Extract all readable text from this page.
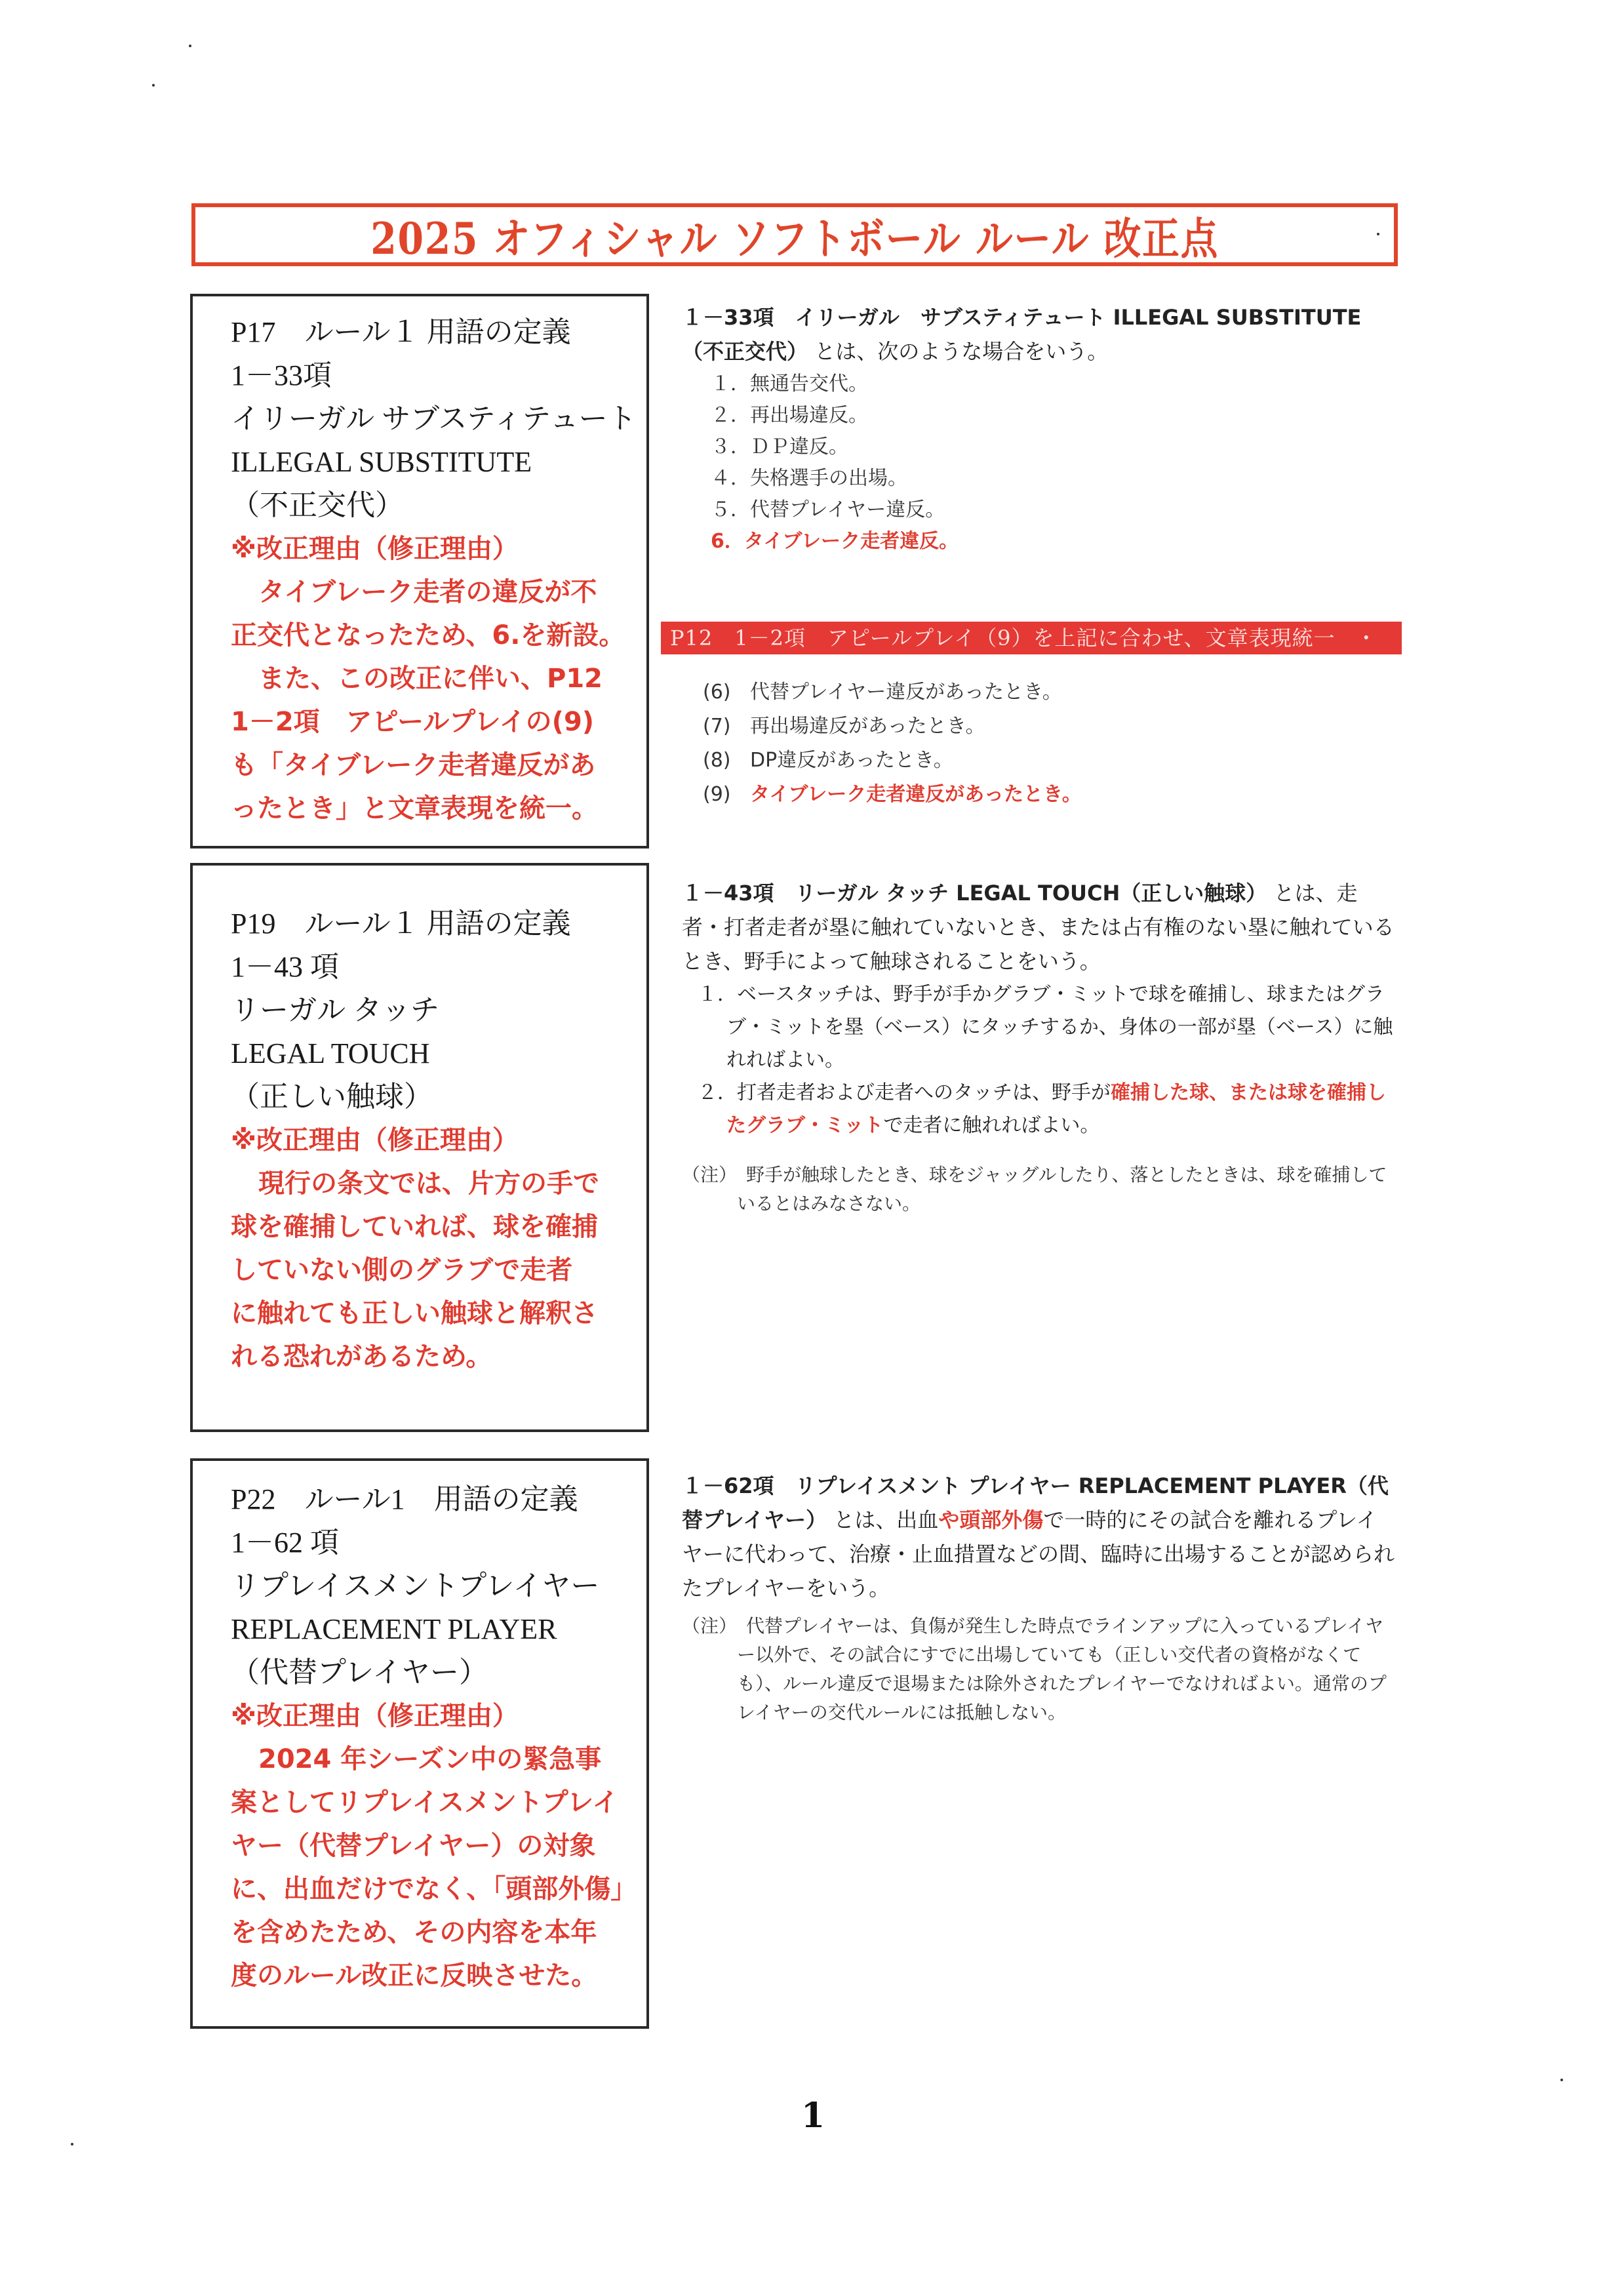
2025 オフィシャル ソフトボール ルール 改正点
P17　ルール１ 用語の定義
1－33項
イリーガル サブスティテュート
ILLEGAL SUBSTITUTE
（不正交代）
※改正理由（修正理由）
タイブレーク走者の違反が不
正交代となったため、6.を新設。
また、この改正に伴い、P12
1－2項　アピールプレイの(9)
も「タイブレーク走者違反があ
ったとき」と文章表現を統一。

１－33項　イリーガル　サブスティテュート ILLEGAL SUBSTITUTE（不正交代） とは、次のような場合をいう。

１．無通告交代。
２．再出場違反。
３．ＤＰ違反。
４．失格選手の出場。
５．代替プレイヤー違反。
6．タイブレーク走者違反。
P12　1－2項　アピールプレイ（9）を上記に合わせ、文章表現統一 ・
(6) 代替プレイヤー違反があったとき。
(7) 再出場違反があったとき。
(8) DP違反があったとき。
(9) タイブレーク走者違反があったとき。
P19　ルール１ 用語の定義
1－43 項
リーガル タッチ
LEGAL TOUCH
（正しい触球）
※改正理由（修正理由）
現行の条文では、片方の手で
球を確捕していれば、球を確捕
していない側のグラブで走者
に触れても正しい触球と解釈さ
れる恐れがあるため。

１－43項　リーガル タッチ LEGAL TOUCH（正しい触球） とは、走者・打者走者が塁に触れていないとき、または占有権のない塁に触れているとき、野手によって触球されることをいう。

１．ベースタッチは、野手が手かグラブ・ミットで球を確捕し、球またはグラブ・ミットを塁（ベース）にタッチするか、身体の一部が塁（ベース）に触れればよい。

２．打者走者および走者へのタッチは、野手が確捕した球、または球を確捕したグラブ・ミットで走者に触れればよい。

（注）　野手が触球したとき、球をジャッグルしたり、落としたときは、球を確捕しているとはみなさない。

P22　ルール1　用語の定義
1－62 項
リプレイスメントプレイヤー
REPLACEMENT PLAYER
（代替プレイヤー）
※改正理由（修正理由）
2024 年シーズン中の緊急事
案としてリプレイスメントプレイ
ヤー（代替プレイヤー）の対象
に、出血だけでなく、「頭部外傷」
を含めたため、その内容を本年
度のルール改正に反映させた。

１－62項　リプレイスメント プレイヤー REPLACEMENT PLAYER（代替プレイヤー） とは、出血や頭部外傷で一時的にその試合を離れるプレイヤーに代わって、治療・止血措置などの間、臨時に出場することが認められたプレイヤーをいう。

（注）　代替プレイヤーは、負傷が発生した時点でラインアップに入っているプレイヤー以外で、その試合にすでに出場していても（正しい交代者の資格がなくても）、ルール違反で退場または除外されたプレイヤーでなければよい。通常のプレイヤーの交代ルールには抵触しない。

1
